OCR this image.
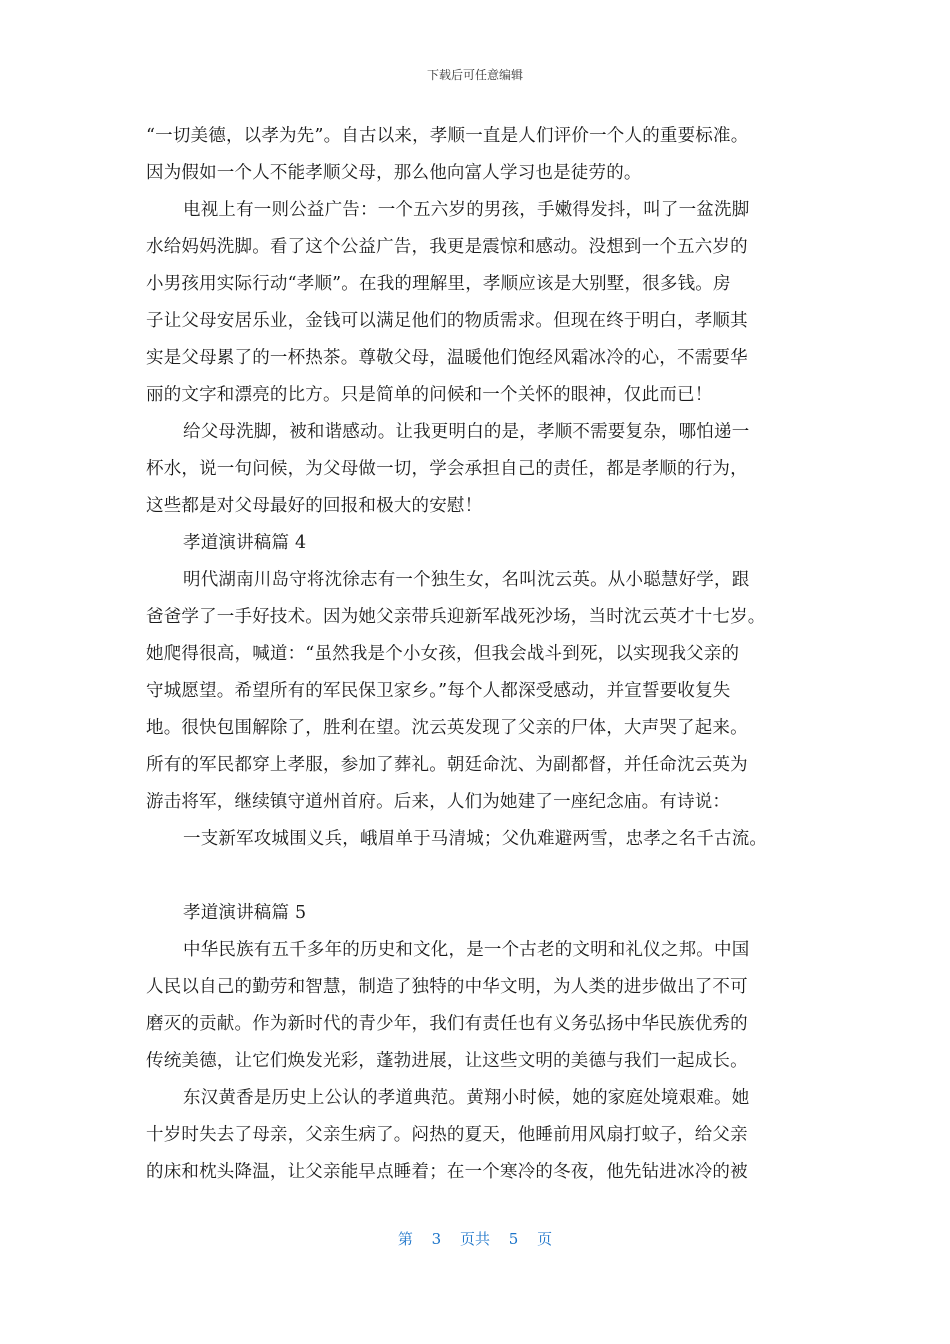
下载后可任意编辑
“一切美德，以孝为先”。自古以来，孝顺一直是人们评价一个人的重要标准。
因为假如一个人不能孝顺父母，那么他向富人学习也是徒劳的。
电视上有一则公益广告：一个五六岁的男孩，手嫩得发抖，叫了一盆洗脚
水给妈妈洗脚。看了这个公益广告，我更是震惊和感动。没想到一个五六岁的
小男孩用实际行动“孝顺”。在我的理解里，孝顺应该是大别墅，很多钱。房
子让父母安居乐业，金钱可以满足他们的物质需求。但现在终于明白，孝顺其
实是父母累了的一杯热茶。尊敬父母，温暖他们饱经风霜冰冷的心，不需要华
丽的文字和漂亮的比方。只是简单的问候和一个关怀的眼神，仅此而已！
给父母洗脚，被和谐感动。让我更明白的是，孝顺不需要复杂，哪怕递一
杯水，说一句问候，为父母做一切，学会承担自己的责任，都是孝顺的行为，
这些都是对父母最好的回报和极大的安慰！
孝道演讲稿篇 4
明代湖南川岛守将沈徐志有一个独生女，名叫沈云英。从小聪慧好学，跟
爸爸学了一手好技术。因为她父亲带兵迎新军战死沙场，当时沈云英才十七岁。
她爬得很高，喊道：“虽然我是个小女孩，但我会战斗到死，以实现我父亲的
守城愿望。希望所有的军民保卫家乡。”每个人都深受感动，并宣誓要收复失
地。很快包围解除了，胜利在望。沈云英发现了父亲的尸体，大声哭了起来。
所有的军民都穿上孝服，参加了葬礼。朝廷命沈、为副都督，并任命沈云英为
游击将军，继续镇守道州首府。后来，人们为她建了一座纪念庙。有诗说：
一支新军攻城围义兵，峨眉单于马清城；父仇难避两雪，忠孝之名千古流。
孝道演讲稿篇 5
中华民族有五千多年的历史和文化，是一个古老的文明和礼仪之邦。中国
人民以自己的勤劳和智慧，制造了独特的中华文明，为人类的进步做出了不可
磨灭的贡献。作为新时代的青少年，我们有责任也有义务弘扬中华民族优秀的
传统美德，让它们焕发光彩，蓬勃进展，让这些文明的美德与我们一起成长。
东汉黄香是历史上公认的孝道典范。黄翔小时候，她的家庭处境艰难。她
十岁时失去了母亲，父亲生病了。闷热的夏天，他睡前用风扇打蚊子，给父亲
的床和枕头降温，让父亲能早点睡着；在一个寒冷的冬夜，他先钻进冰冷的被
第 3 页共 5 页
